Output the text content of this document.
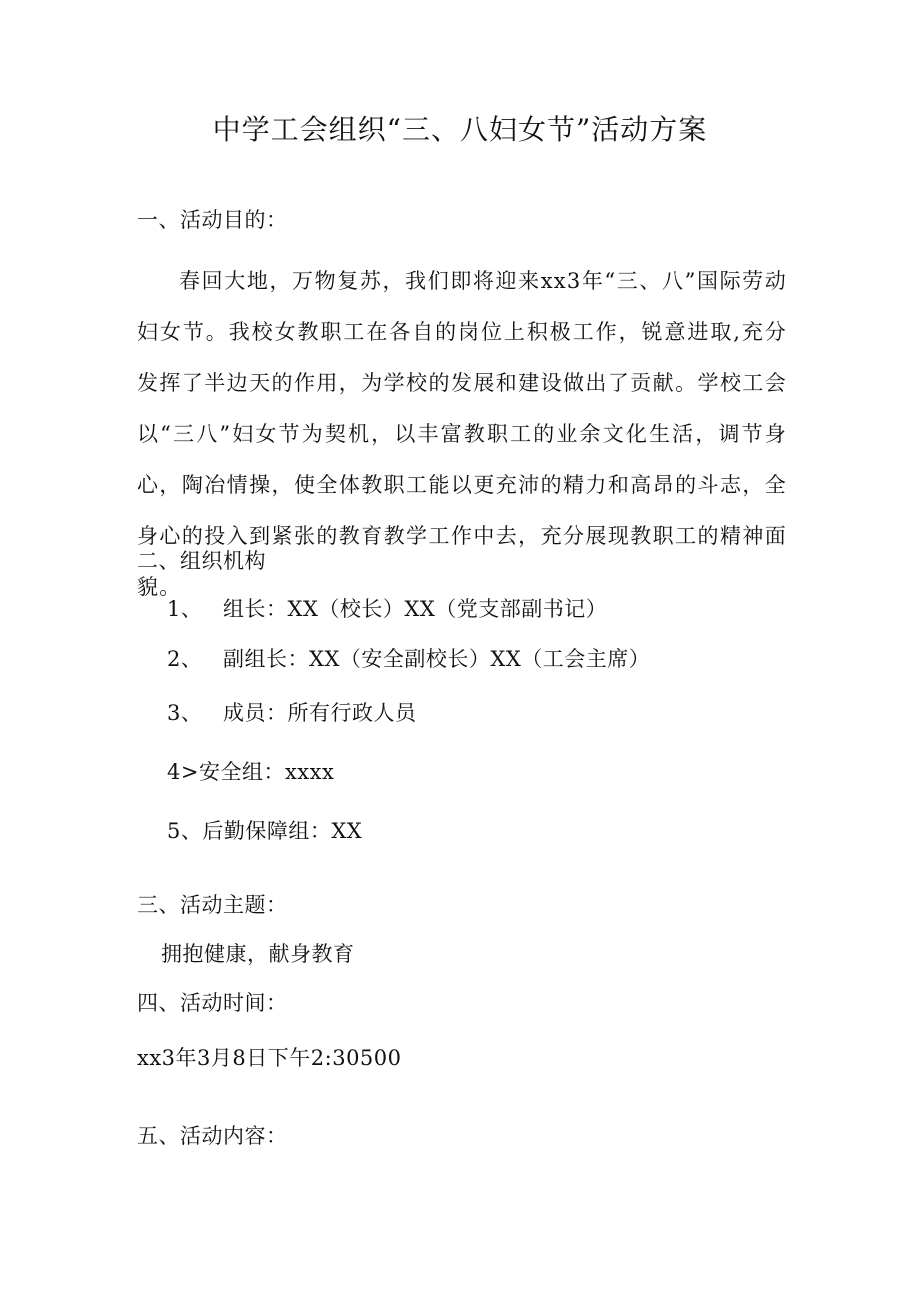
中学工会组织“三、八妇女节”活动方案
一、活动目的：
春回大地，万物复苏，我们即将迎来xx3年“三、八”国际劳动妇女节。我校女教职工在各自的岗位上积极工作，锐意进取,充分发挥了半边天的作用，为学校的发展和建设做出了贡献。学校工会以“三八”妇女节为契机，以丰富教职工的业余文化生活，调节身心，陶冶情操，使全体教职工能以更充沛的精力和高昂的斗志，全身心的投入到紧张的教育教学工作中去，充分展现教职工的精神面貌。
二、组织机构
1、 组长：XX（校长）XX（党支部副书记）
2、 副组长：XX（安全副校长）XX（工会主席）
3、 成员：所有行政人员
4>安全组：xxxx
5、后勤保障组：XX
三、活动主题：
拥抱健康，献身教育
四、活动时间：
xx3年3月8日下午2:30500
五、活动内容：
